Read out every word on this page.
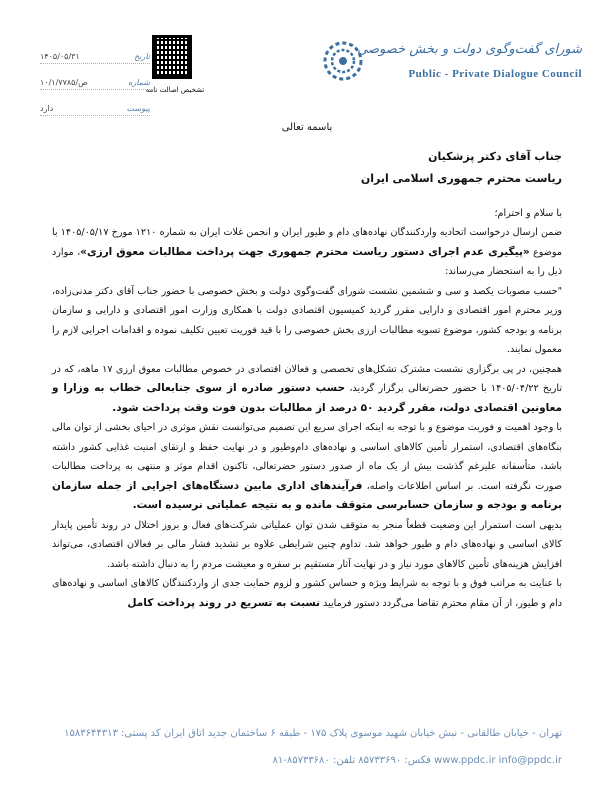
۱۴۰۵/۰۵/۳۱	تاریخ
۱۰/۱/۷۷۸۵/ص	شماره
دارد	پیوست
تشخیص اصالت نامه
شورای گفت‌وگوی دولت و بخش خصوصی
Public - Private Dialogue Council
باسمه تعالی
جناب آقای دکتر پزشکیان
ریاست محترم جمهوری اسلامی ایران

با سلام و احترام؛

ضمن ارسال درخواست اتحادیه واردکنندگان نهاده‌های دام و طیور ایران و انجمن غلات ایران به شماره ۱۲۱۰ مورخ ۱۴۰۵/۰۵/۱۷ با موضوع «پیگیری عدم اجرای دستور ریاست محترم جمهوری جهت پرداخت مطالبات معوق ارزی»، موارد ذیل را به استحضار می‌رساند:

"حسب مصوبات یکصد و سی و ششمین نشست شورای گفت‌وگوی دولت و بخش خصوصی با حضور جناب آقای دکتر مدنی‌زاده، وزیر محترم امور اقتصادی و دارایی مقرر گردید کمیسیون اقتصادی دولت با همکاری وزارت امور اقتصادی و دارایی و سازمان برنامه و بودجه کشور، موضوع تسویه مطالبات ارزی بخش خصوصی را با قید فوریت تعیین تکلیف نموده و اقدامات اجرایی لازم را معمول نمایند.

همچنین، در پی برگزاری نشست مشترک تشکل‌های تخصصی و فعالان اقتصادی در خصوص مطالبات معوق ارزی ۱۷ ماهه، که در تاریخ ۱۴۰۵/۰۴/۲۲ با حضور حضرتعالی برگزار گردید، حسب دستور صادره از سوی جنابعالی خطاب به وزارا و معاونین اقتصادی دولت، مقرر گردید ۵۰ درصد از مطالبات بدون فوت وقت پرداخت شود.

با وجود اهمیت و فوریت موضوع و با توجه به اینکه اجرای سریع این تصمیم می‌توانست نقش موثری در احیای بخشی از توان مالی بنگاه‌های اقتصادی، استمرار تأمین کالاهای اساسی و نهاده‌های دام‌وطیور و در نهایت حفظ و ارتقای امنیت غذایی کشور داشته باشد، متأسفانه علیرغم گذشت بیش از یک ماه از صدور دستور حضرتعالی، تاکنون اقدام موثر و منتهی به پرداخت مطالبات صورت نگرفته است. بر اساس اطلاعات واصله، فرآیندهای اداری مابین دستگاه‌های اجرایی از جمله سازمان برنامه و بودجه و سازمان حسابرسی متوقف مانده و به نتیجه عملیاتی نرسیده است.

بدیهی است استمرار این وضعیت قطعاً منجر به متوقف شدن توان عملیاتی شرکت‌های فعال و بروز اختلال در روند تأمین پایدار کالای اساسی و نهاده‌های دام و طیور خواهد شد. تداوم چنین شرایطی علاوه بر تشدید فشار مالی بر فعالان اقتصادی، می‌تواند افزایش هزینه‌های تأمین کالاهای مورد نیاز و در نهایت آثار مستقیم بر سفره و معیشت مردم را به دنبال داشته باشد.

با عنایت به مراتب فوق و با توجه به شرایط ویژه و حساس کشور و لزوم حمایت جدی از واردکنندگان کالاهای اساسی و نهاده‌های دام و طیور، از آن مقام محترم تقاضا می‌گردد دستور فرمایید نسبت به تسریع در روند پرداخت کامل

تهران - خیابان طالقانی - نبش خیابان شهید موسوی پلاک ۱۷۵ - طبقه ۶ ساختمان جدید اتاق ایران کد پستی: ۱۵۸۳۶۴۴۳۱۳
www.ppdc.ir info@ppdc.ir فکس: ۸۵۷۳۳۶۹۰ تلفن: ۸۵۷۳۳۶۸۰-۸۱
